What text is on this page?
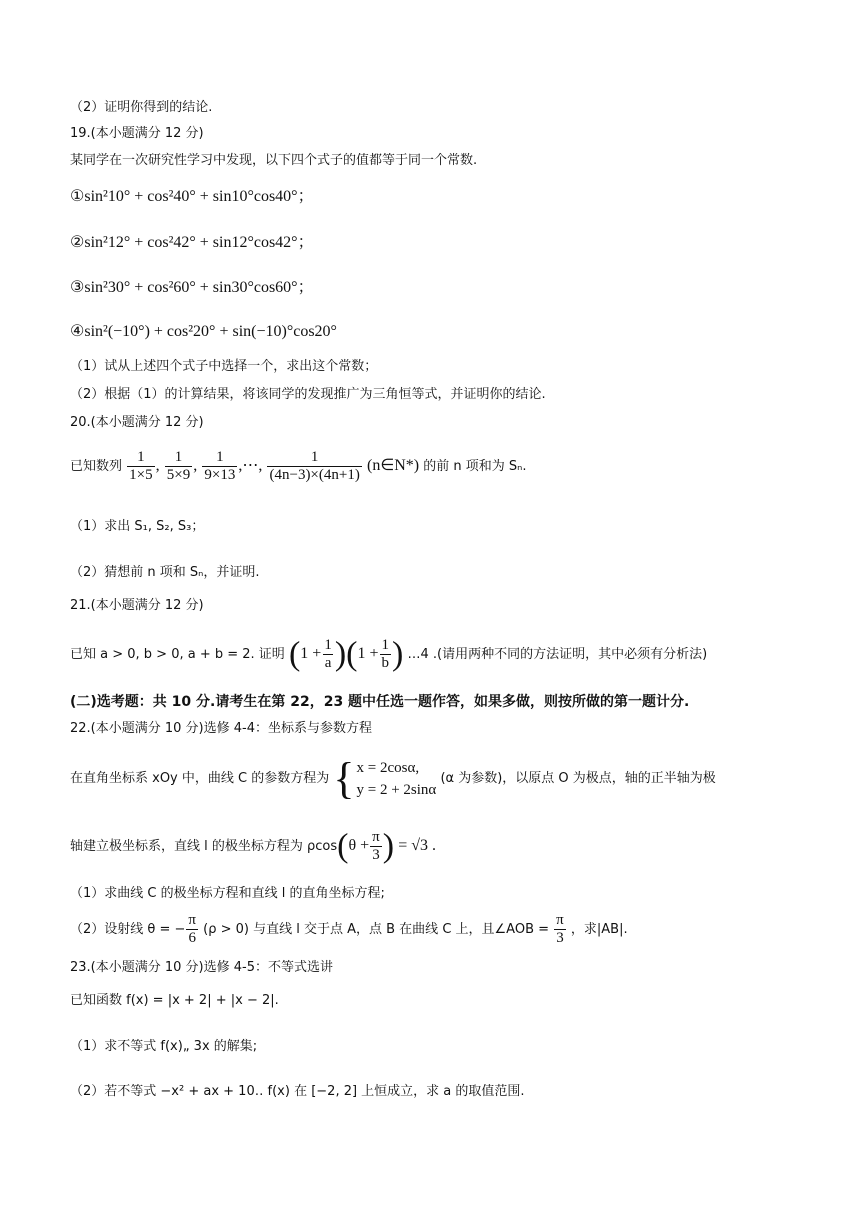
（2）证明你得到的结论.
19.(本小题满分 12 分)
某同学在一次研究性学习中发现，以下四个式子的值都等于同一个常数.
①sin²10° + cos²40° + sin10°cos40°；
②sin²12° + cos²42° + sin12°cos42°；
③sin²30° + cos²60° + sin30°cos60°；
④sin²(−10°) + cos²20° + sin(−10)°cos20°
（1）试从上述四个式子中选择一个，求出这个常数；
（2）根据（1）的计算结果，将该同学的发现推广为三角恒等式，并证明你的结论.
20.(本小题满分 12 分)
已知数列 $\frac{1}{1\times 5}$ , $\frac{1}{5\times 9}$ , $\frac{1}{9\times 13}$ ,⋯, $\frac{1}{(4n-3)\times(4n+1)}$ (n∈N*) 的前 n 项和为 Sₙ.
（1）求出 S₁, S₂, S₃；
（2）猜想前 n 项和 Sₙ，并证明.
21.(本小题满分 12 分)
已知 a > 0, b > 0, a + b = 2. 证明 $(1 + \frac{1}{a} )(1 + \frac{1}{b}$ ) …4 .(请用两种不同的方法证明，其中必须有分析法)
(二)选考题：共 10 分.请考生在第 22，23 题中任选一题作答，如果多做，则按所做的第一题计分.
22.(本小题满分 10 分)选修 4-4：坐标系与参数方程
在直角坐标系 xOy 中，曲线 C 的参数方程为 { x = 2cosα,
y = 2 + 2sinα
(α 为参数)，以原点 O 为极点，轴的正半轴为极
轴建立极坐标系，直线 l 的极坐标方程为 $\rho\cos(\theta + \frac{\pi}{3}$ ) = √3 .
（1）求曲线 C 的极坐标方程和直线 l 的直角坐标方程;
（2）设射线 θ = − $\frac{\pi}{6} (\rho > 0)$ 与直线 l 交于点 A，点 B 在曲线 C 上，且∠AOB = $\frac{\pi}{3}$ ，求|AB|.
23.(本小题满分 10 分)选修 4-5：不等式选讲
已知函数 f(x) = |x + 2| + |x − 2|.
（1）求不等式 f(x)„ 3x 的解集;
（2）若不等式 −x² + ax + 10‥ f(x) 在 [−2, 2] 上恒成立，求 a 的取值范围.
